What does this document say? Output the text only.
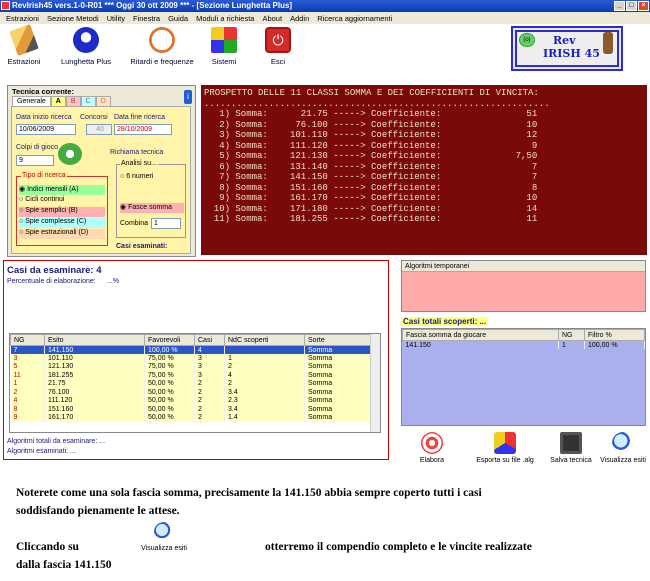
RevIrish45 vers.1-0-R01 *** Oggi 30 ott 2009 *** - [Sezione Lunghetta Plus]	_	□	×
Estrazioni	Sezione Metodi	Utility	Finestra	Guida	Moduli a richiesta	About	Addin	Ricerca aggiornamenti
Estrazioni	Lunghetta Plus	Ritardi e frequenze	Sistemi
⏻
Esci
(o)	Rev
IRISH 45
Tecnica corrente:
i
Generale	A	B	C	D
Data inizio ricerca Concorsi Data fine ricerca
10/06/2009	40	28/10/2009
Colpi di gioco
9
Richiama tecnica
Tipo di ricerca
◉ Indici mensili (A)
○ Cicli continui
○ Spie semplici (B)
○ Spie complesse (C)
○ Spie estrazionali (D)
Analisi su...
○ 6 numeri
◉ Fasce somma
Combina 1
Casi esaminati:
PROSPETTO DELLE 11 CLASSI SOMMA E DEI COEFFICIENTI DI VINCITA:
................................................................
1) Somma:	21.75 -----> Coefficiente:	51
2) Somma:	76.100 -----> Coefficiente:	10
3) Somma: 101.110 -----> Coefficiente:	12
4) Somma: 111.120 -----> Coefficiente:	9
5) Somma: 121.130 -----> Coefficiente:	7,50
6) Somma: 131.140 -----> Coefficiente:	7
7) Somma: 141.150 -----> Coefficiente:	7
8) Somma: 151.160 -----> Coefficiente:	8
9) Somma: 161.170 -----> Coefficiente:	10
10) Somma: 171.180 -----> Coefficiente:	14
11) Somma: 181.255 -----> Coefficiente:	11
Casi da esaminare: 4
Percentuale di elaborazione: ...%
NG	Esito	Favorevoli	Casi	NdC scoperti	Sorte
7	141.150	100,00 %	4		Somma
3	101.110	75,00 %	3	1	Somma
5	121.130	75,00 %	3	2	Somma
11	181.255	75,00 %	3	4	Somma
1	21.75	50,00 %	2	2	Somma
2	76.100	50,00 %	2	3.4	Somma
4	111.120	50,00 %	2	2.3	Somma
8	151.160	50,00 %	2	3.4	Somma
9	161.170	50,00 %	2	1.4	Somma
Algoritmi totali da esaminare: ...
Algoritmi esaminati: ...
Algoritmi temporanei
Casi totali scoperti: ...
Fascia somma da giocare	NG	Filtro %
141.150	1	100,00 %
Elabora	Esporta su file .alg	Salva tecnica	Visualizza esiti
Noterete come una sola fascia somma, precisamente la 141.150 abbia sempre coperto tutti i casi
soddisfando pienamente le attese.
Cliccando su	Visualizza esiti	otterremo il compendio completo e le vincite realizzate
dalla fascia 141.150
